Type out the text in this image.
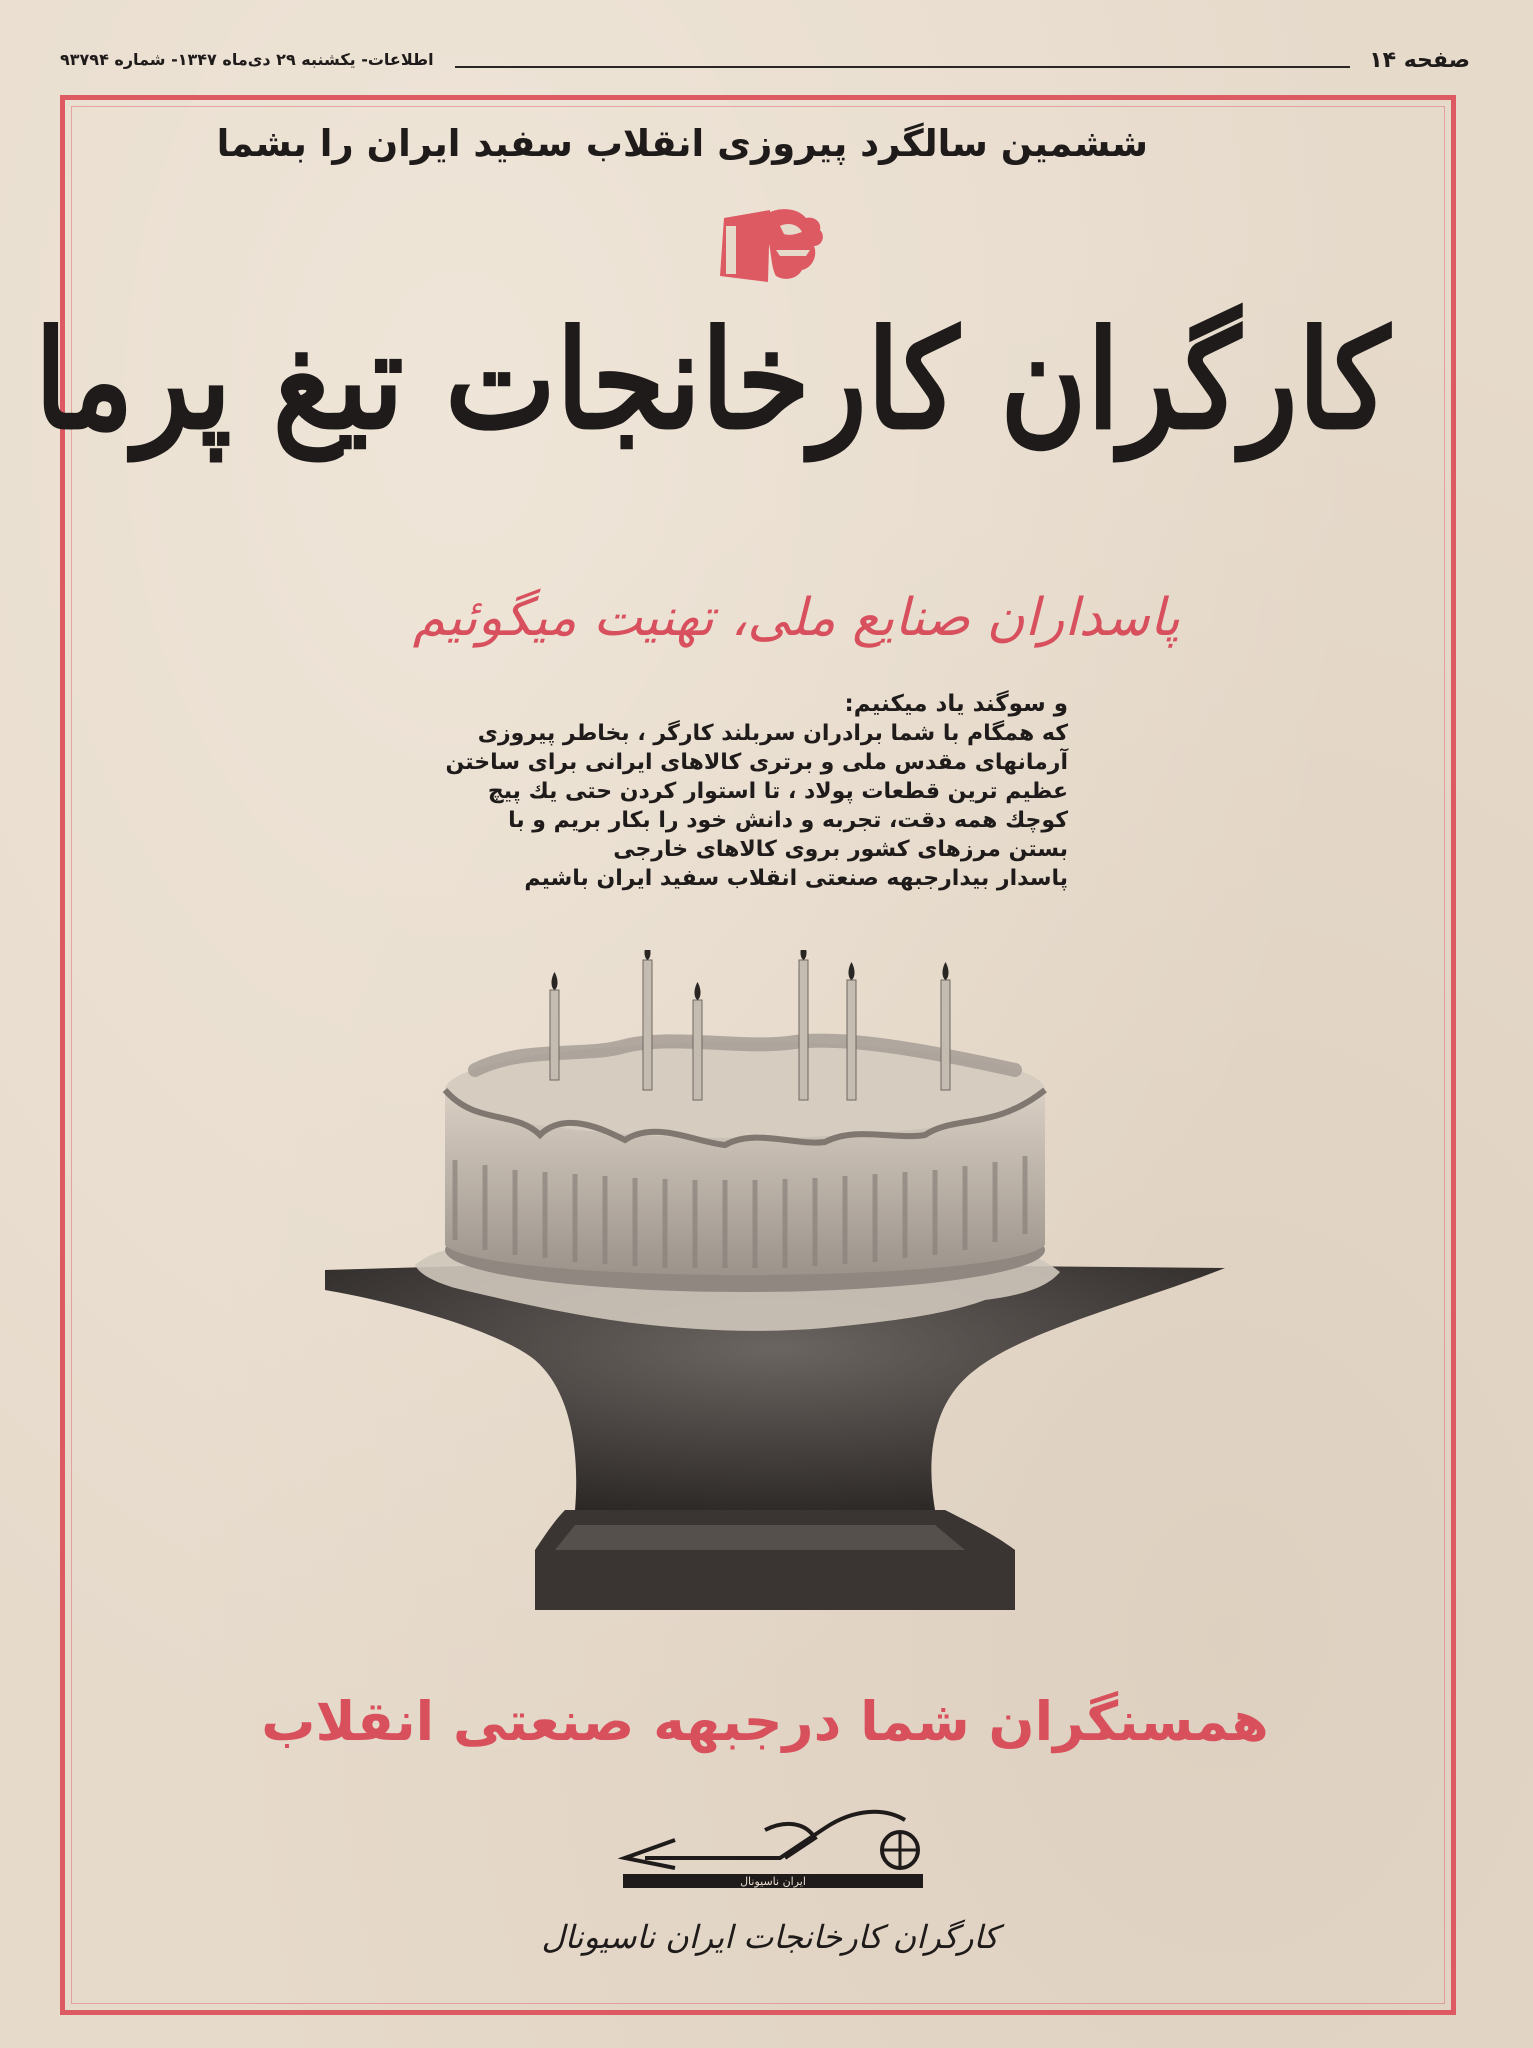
صفحه ۱۴
اطلاعات- یکشنبه ۲۹ دی‌ماه ۱۳۴۷- شماره ۹۳۷۹۴
ششمین سالگرد پیروزی انقلاب سفید ایران را بشما
کارگران کارخانجات تیغ پرما
پاسداران صنایع ملی، تهنیت میگوئیم

و سوگند یاد میکنیم:

که همگام با شما برادران سربلند کارگر ، بخاطر پیروزی

آرمانهای مقدس ملی و برتری کالاهای ایرانی برای ساختن

عظیم ترین قطعات پولاد ، تا استوار کردن حتی یك پیچ

کوچك همه دقت، تجربه و دانش خود را بکار بریم و با

بستن مرزهای کشور بروی کالاهای خارجی

پاسدار بیدارجبهه صنعتی انقلاب سفید ایران باشیم

همسنگران شما درجبهه صنعتی انقلاب
ایران ناسیونال
کارگران کارخانجات ایران ناسیونال
